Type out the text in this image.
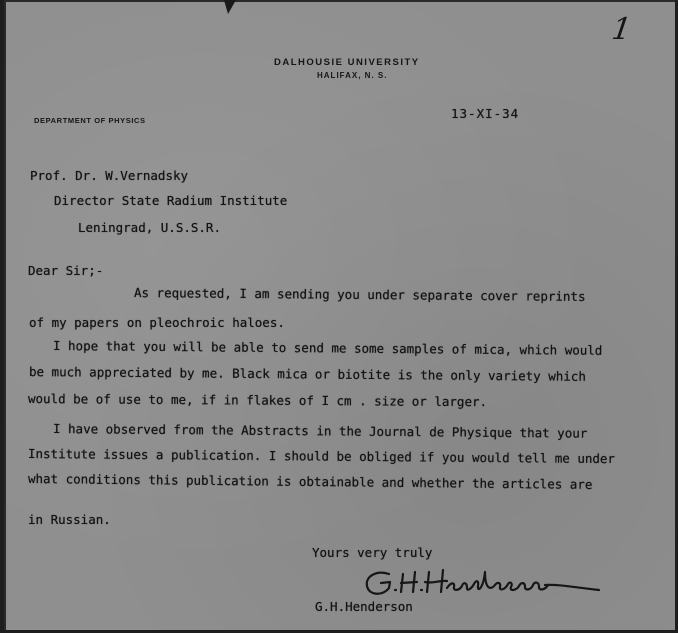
1
DALHOUSIE UNIVERSITY
HALIFAX, N. S.
DEPARTMENT OF PHYSICS	13-XI-34
Prof. Dr. W.Vernadsky
Director State Radium Institute
Leningrad, U.S.S.R.
Dear Sir;-
As requested, I am sending you under separate cover reprints
of my papers on pleochroic haloes.
I hope that you will be able to send me some samples of mica, which would
be much appreciated by me. Black mica or biotite is the only variety which
would be of use to me, if in flakes of I cm . size or larger.
I have observed from the Abstracts in the Journal de Physique that your
Institute issues a publication. I should be obliged if you would tell me under
what conditions this publication is obtainable and whether the articles are
in Russian.
Yours very truly
G.H.Henderson
